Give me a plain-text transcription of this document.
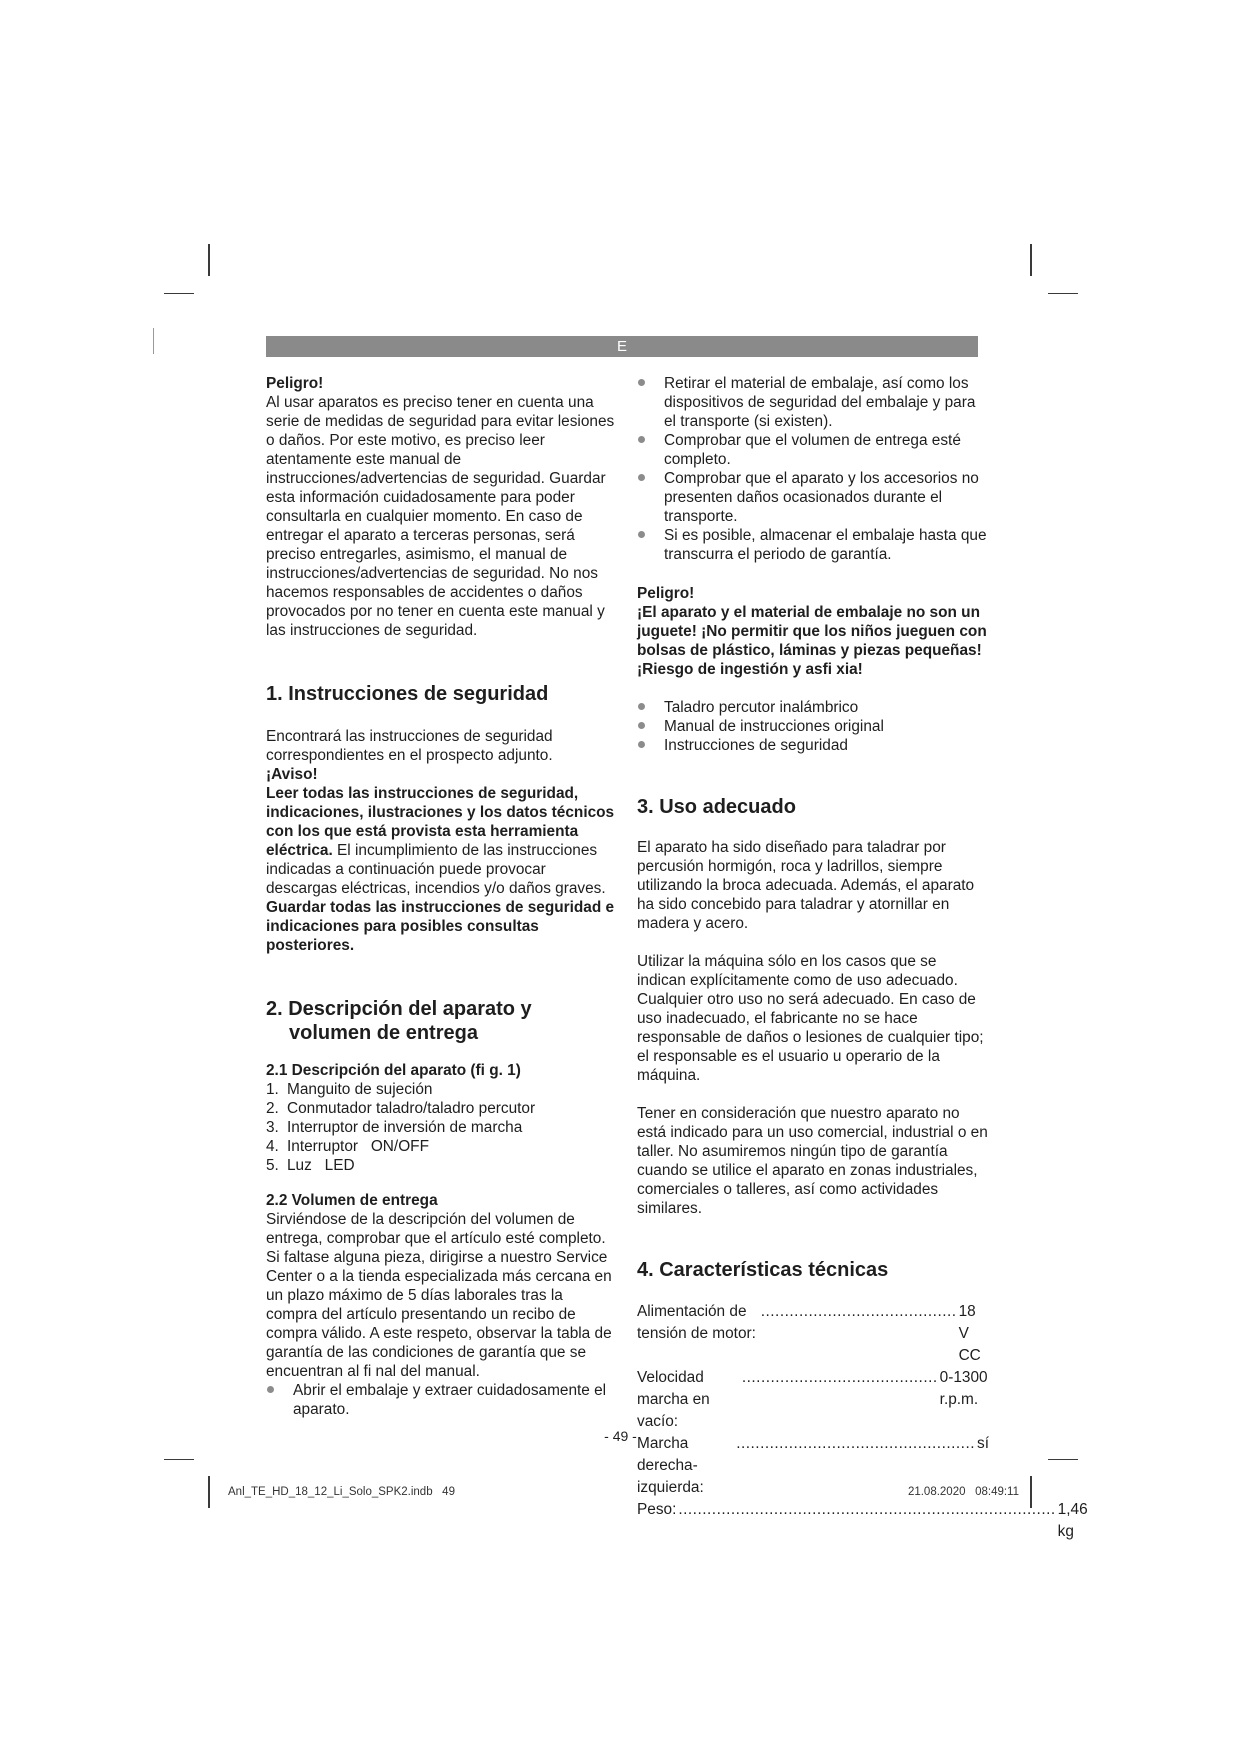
E

Peligro!

Al usar aparatos es preciso tener en cuenta una serie de medidas de seguridad para evitar lesiones o daños. Por este motivo, es preciso leer atentamente este manual de instrucciones/advertencias de seguridad. Guardar esta información cuidadosamente para poder consultarla en cualquier momento. En caso de entregar el aparato a terceras personas, será preciso entregarles, asimismo, el manual de instrucciones/advertencias de seguridad. No nos hacemos responsables de accidentes o daños provocados por no tener en cuenta este manual y las instrucciones de seguridad.

1. Instrucciones de seguridad

Encontrará las instrucciones de seguridad correspondientes en el prospecto adjunto.

¡Aviso!

Leer todas las instrucciones de seguridad, indicaciones, ilustraciones y los datos técnicos con los que está provista esta herramienta eléctrica. El incumplimiento de las instrucciones indicadas a continuación puede provocar descargas eléctricas, incendios y/o daños graves.

Guardar todas las instrucciones de seguridad e indicaciones para posibles consultas posteriores.

2. Descripción del aparato y
volumen de entrega
2.1 Descripción del aparato (fi g. 1)
1. Manguito de sujeción
2. Conmutador taladro/taladro percutor
3. Interruptor de inversión de marcha
4. Interruptor   ON/OFF
5. Luz   LED
2.2 Volumen de entrega

Sirviéndose de la descripción del volumen de entrega, comprobar que el artículo esté completo. Si faltase alguna pieza, dirigirse a nuestro Service Center o a la tienda especializada más cercana en un plazo máximo de 5 días laborales tras la compra del artículo presentando un recibo de compra válido. A este respeto, observar la tabla de garantía de las condiciones de garantía que se encuentran al fi nal del manual.

Abrir el embalaje y extraer cuidadosamente el aparato.
Retirar el material de embalaje, así como los dispositivos de seguridad del embalaje y para el transporte (si existen).
Comprobar que el volumen de entrega esté completo.
Comprobar que el aparato y los accesorios no presenten daños ocasionados durante el transporte.
Si es posible, almacenar el embalaje hasta que transcurra el periodo de garantía.

Peligro!

¡El aparato y el material de embalaje no son un juguete! ¡No permitir que los niños jueguen con bolsas de plástico, láminas y piezas pequeñas! ¡Riesgo de ingestión y asfi xia!

Taladro percutor inalámbrico
Manual de instrucciones original
Instrucciones de seguridad
3. Uso adecuado

El aparato ha sido diseñado para taladrar por percusión hormigón, roca y ladrillos, siempre utilizando la broca adecuada. Además, el aparato ha sido concebido para taladrar y atornillar en madera y acero.

Utilizar la máquina sólo en los casos que se indican explícitamente como de uso adecuado. Cualquier otro uso no será adecuado. En caso de uso inadecuado, el fabricante no se hace responsable de daños o lesiones de cualquier tipo; el responsable es el usuario u operario de la máquina.

Tener en consideración que nuestro aparato no está indicado para un uso comercial, industrial o en taller. No asumiremos ningún tipo de garantía cuando se utilice el aparato en zonas industriales, comerciales o talleres, así como actividades similares.

4. Características técnicas
Alimentación de tensión de motor:
......................................... 18 V CC
Velocidad marcha en vacío:
......................................... 0-1300 r.p.m.
Marcha derecha-izquierda:
.................................................. sí
Peso: ............................................................................... 1,46 kg
- 49 -
Anl_TE_HD_18_12_Li_Solo_SPK2.indb   49	21.08.2020   08:49:11
